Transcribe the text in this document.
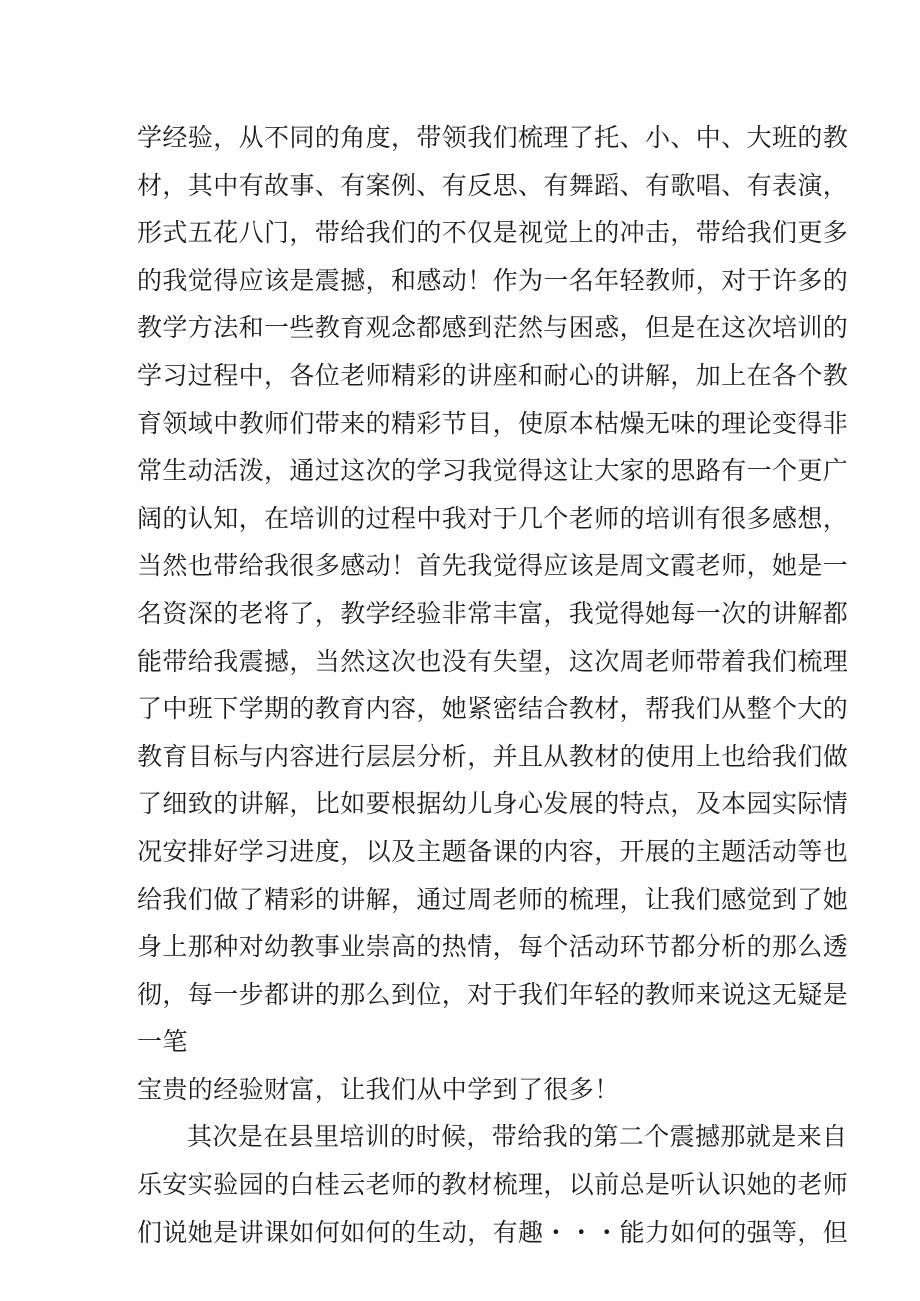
学经验，从不同的角度，带领我们梳理了托、小、中、大班的教
材，其中有故事、有案例、有反思、有舞蹈、有歌唱、有表演，
形式五花八门，带给我们的不仅是视觉上的冲击，带给我们更多
的我觉得应该是震撼，和感动！作为一名年轻教师，对于许多的
教学方法和一些教育观念都感到茫然与困惑，但是在这次培训的
学习过程中，各位老师精彩的讲座和耐心的讲解，加上在各个教
育领域中教师们带来的精彩节目，使原本枯燥无味的理论变得非
常生动活泼，通过这次的学习我觉得这让大家的思路有一个更广
阔的认知，在培训的过程中我对于几个老师的培训有很多感想，
当然也带给我很多感动！首先我觉得应该是周文霞老师，她是一
名资深的老将了，教学经验非常丰富，我觉得她每一次的讲解都
能带给我震撼，当然这次也没有失望，这次周老师带着我们梳理
了中班下学期的教育内容，她紧密结合教材，帮我们从整个大的
教育目标与内容进行层层分析，并且从教材的使用上也给我们做
了细致的讲解，比如要根据幼儿身心发展的特点，及本园实际情
况安排好学习进度，以及主题备课的内容，开展的主题活动等也
给我们做了精彩的讲解，通过周老师的梳理，让我们感觉到了她
身上那种对幼教事业崇高的热情，每个活动环节都分析的那么透
彻，每一步都讲的那么到位，对于我们年轻的教师来说这无疑是
一笔
宝贵的经验财富，让我们从中学到了很多！
其次是在县里培训的时候，带给我的第二个震撼那就是来自
乐安实验园的白桂云老师的教材梳理，以前总是听认识她的老师
们说她是讲课如何如何的生动，有趣・・・能力如何的强等，但
